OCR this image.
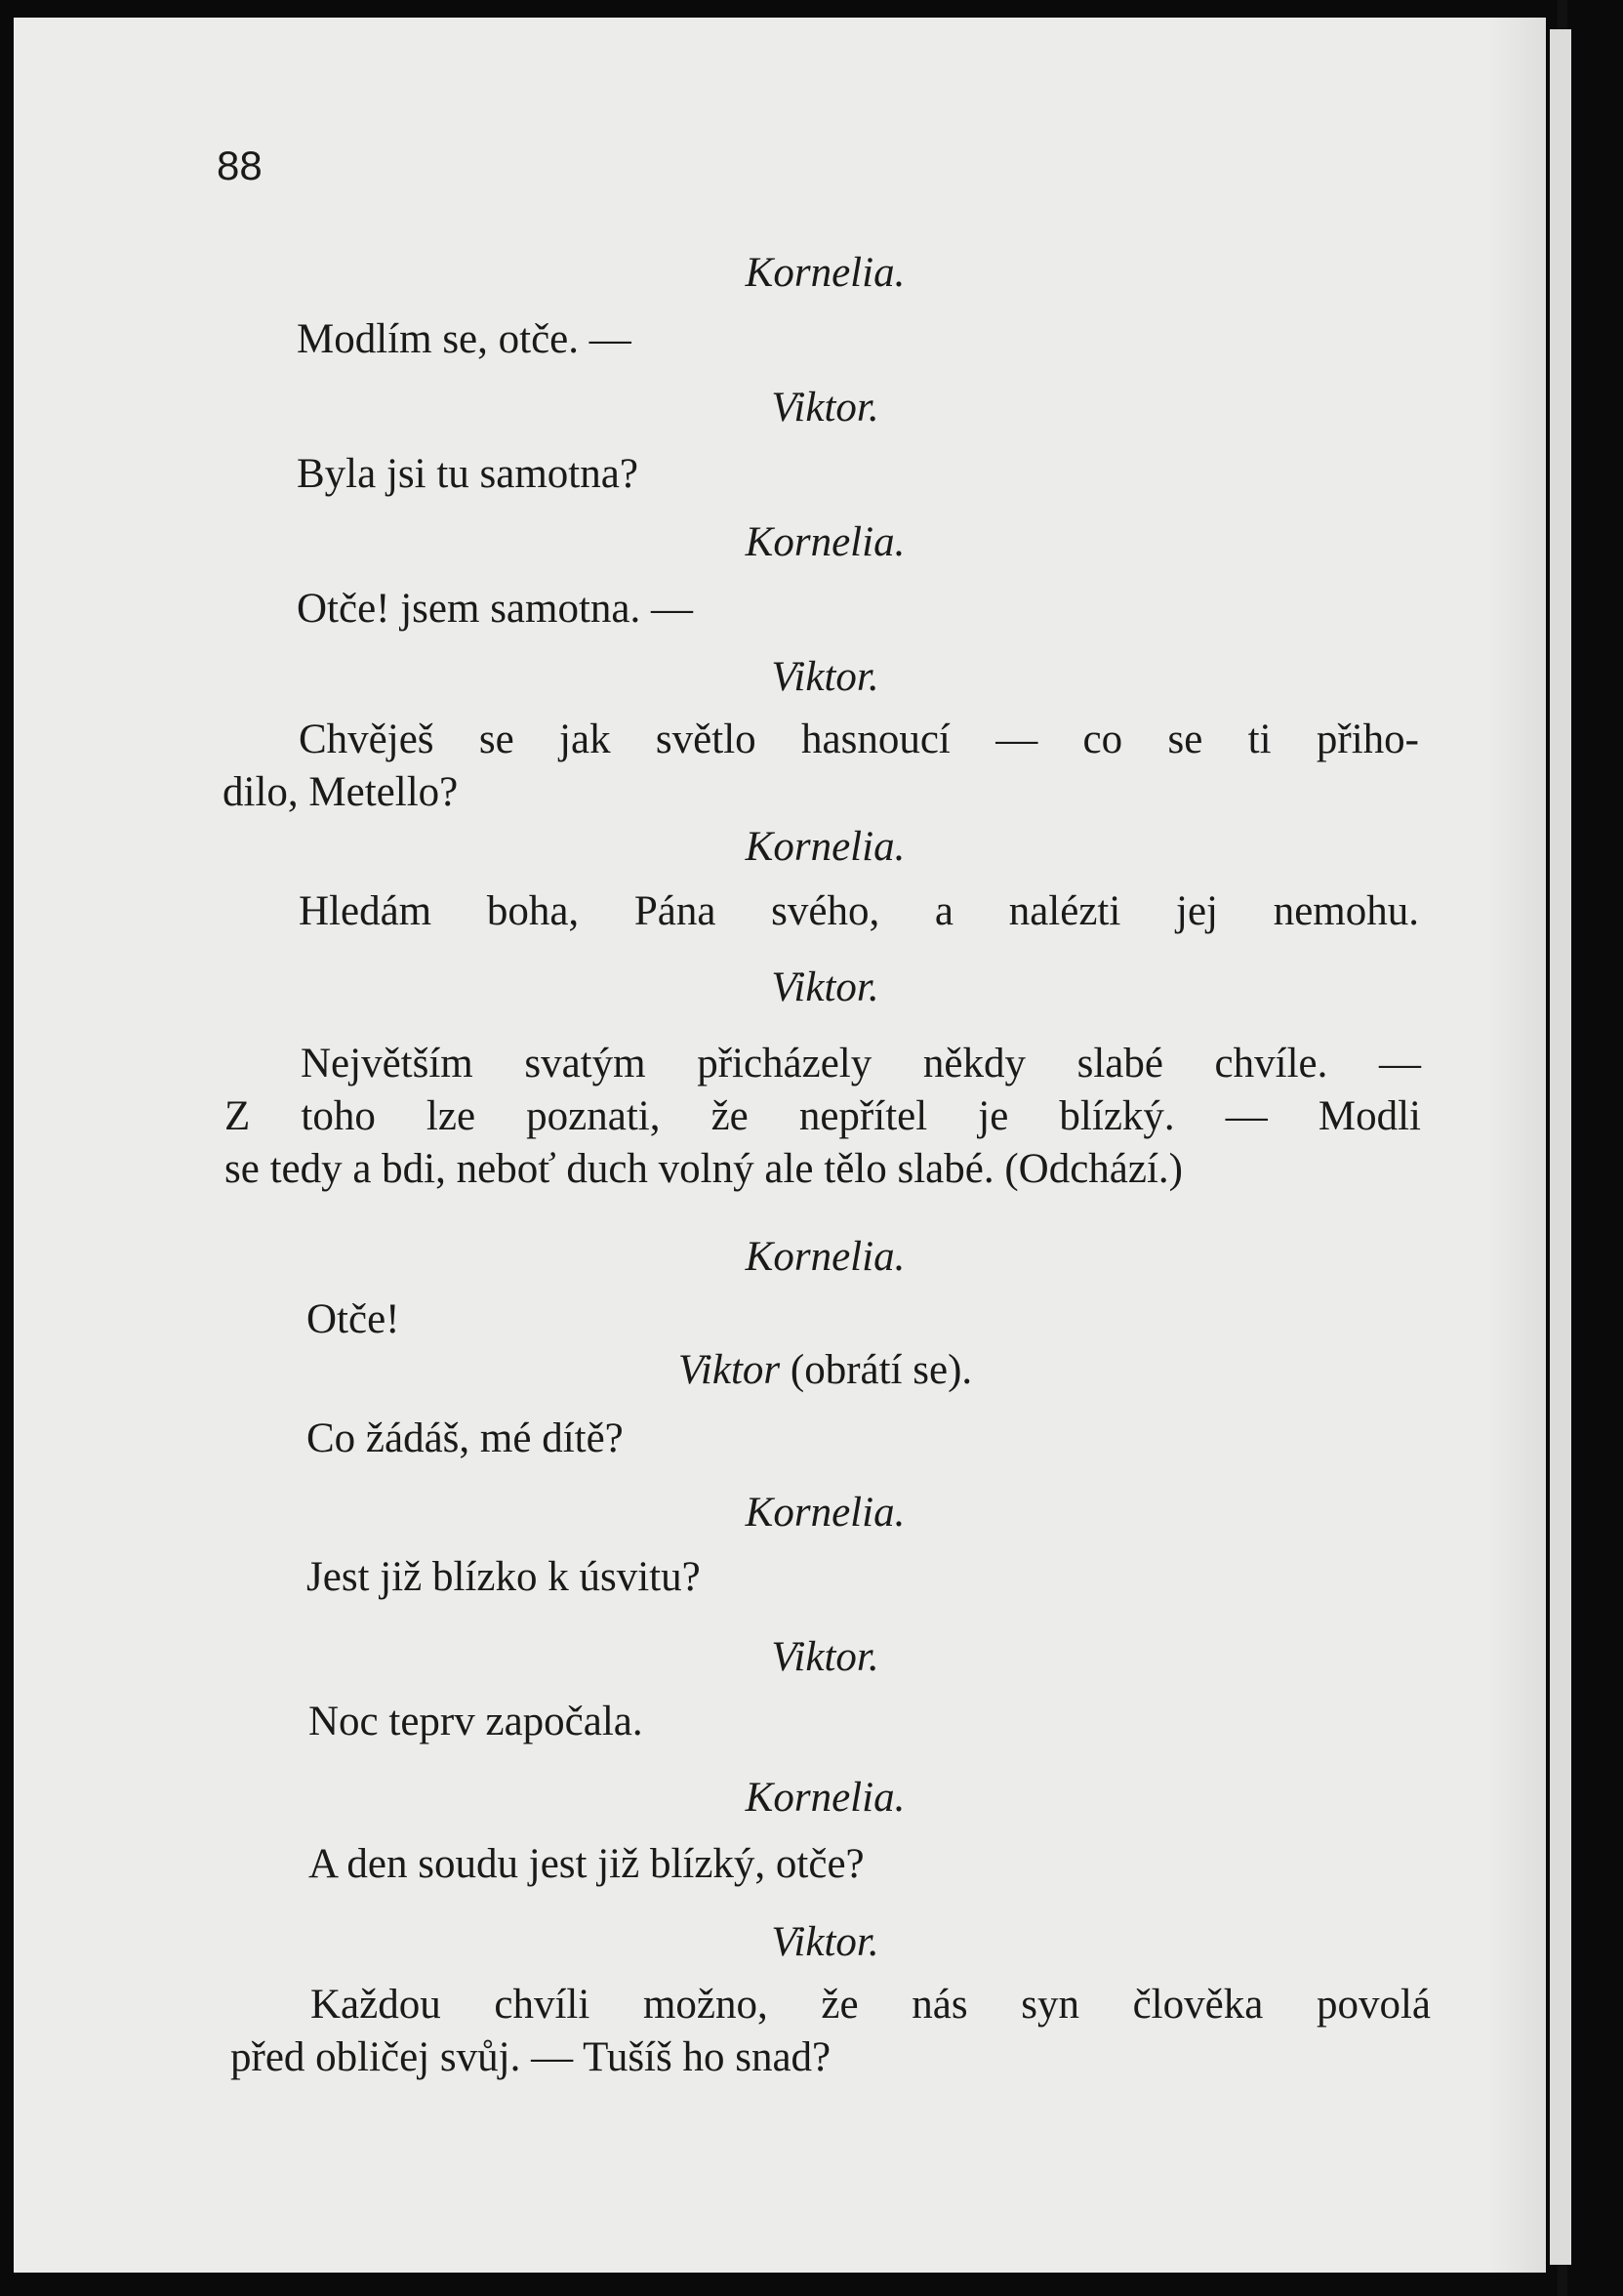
88
Kornelia.
Modlím se, otče. —
Viktor.
Byla jsi tu samotna?
Kornelia.
Otče! jsem samotna. —
Viktor.
Chvěješ se jak světlo hasnoucí — co se ti přiho-
dilo, Metello?
Kornelia.
Hledám boha, Pána svého, a nalézti jej nemohu.
Viktor.
Největším svatým přicházely někdy slabé chvíle. —
Z toho lze poznati, že nepřítel je blízký. — Modli
se tedy a bdi, neboť duch volný ale tělo slabé. (Odchází.)
Kornelia.
Otče!
Viktor (obrátí se).
Co žádáš, mé dítě?
Kornelia.
Jest již blízko k úsvitu?
Viktor.
Noc teprv započala.
Kornelia.
A den soudu jest již blízký, otče?
Viktor.
Každou chvíli možno, že nás syn člověka povolá
před obličej svůj. — Tušíš ho snad?
